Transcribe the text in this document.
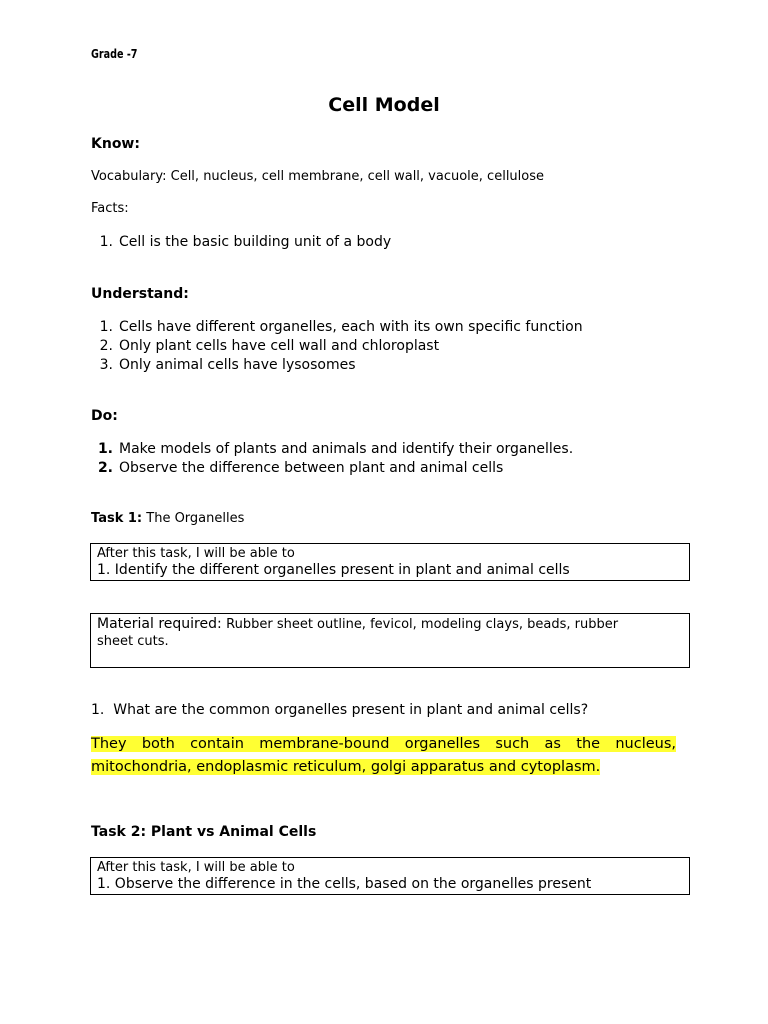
Grade -7
Cell Model
Know:
Vocabulary: Cell, nucleus, cell membrane, cell wall, vacuole, cellulose
Facts:
1. Cell is the basic building unit of a body
Understand:
1. Cells have different organelles, each with its own specific function
2. Only plant cells have cell wall and chloroplast
3. Only animal cells have lysosomes
Do:
1. Make models of plants and animals and identify their organelles.
2. Observe the difference between plant and animal cells
Task 1: The Organelles
After this task, I will be able to
1. Identify the different organelles present in plant and animal cells
Material required: Rubber sheet outline, fevicol, modeling clays, beads, rubber
sheet cuts.
1. What are the common organelles present in plant and animal cells?
They both contain membrane-bound organelles such as the nucleus,
mitochondria, endoplasmic reticulum, golgi apparatus and cytoplasm.
Task 2: Plant vs Animal Cells
After this task, I will be able to
1. Observe the difference in the cells, based on the organelles present
